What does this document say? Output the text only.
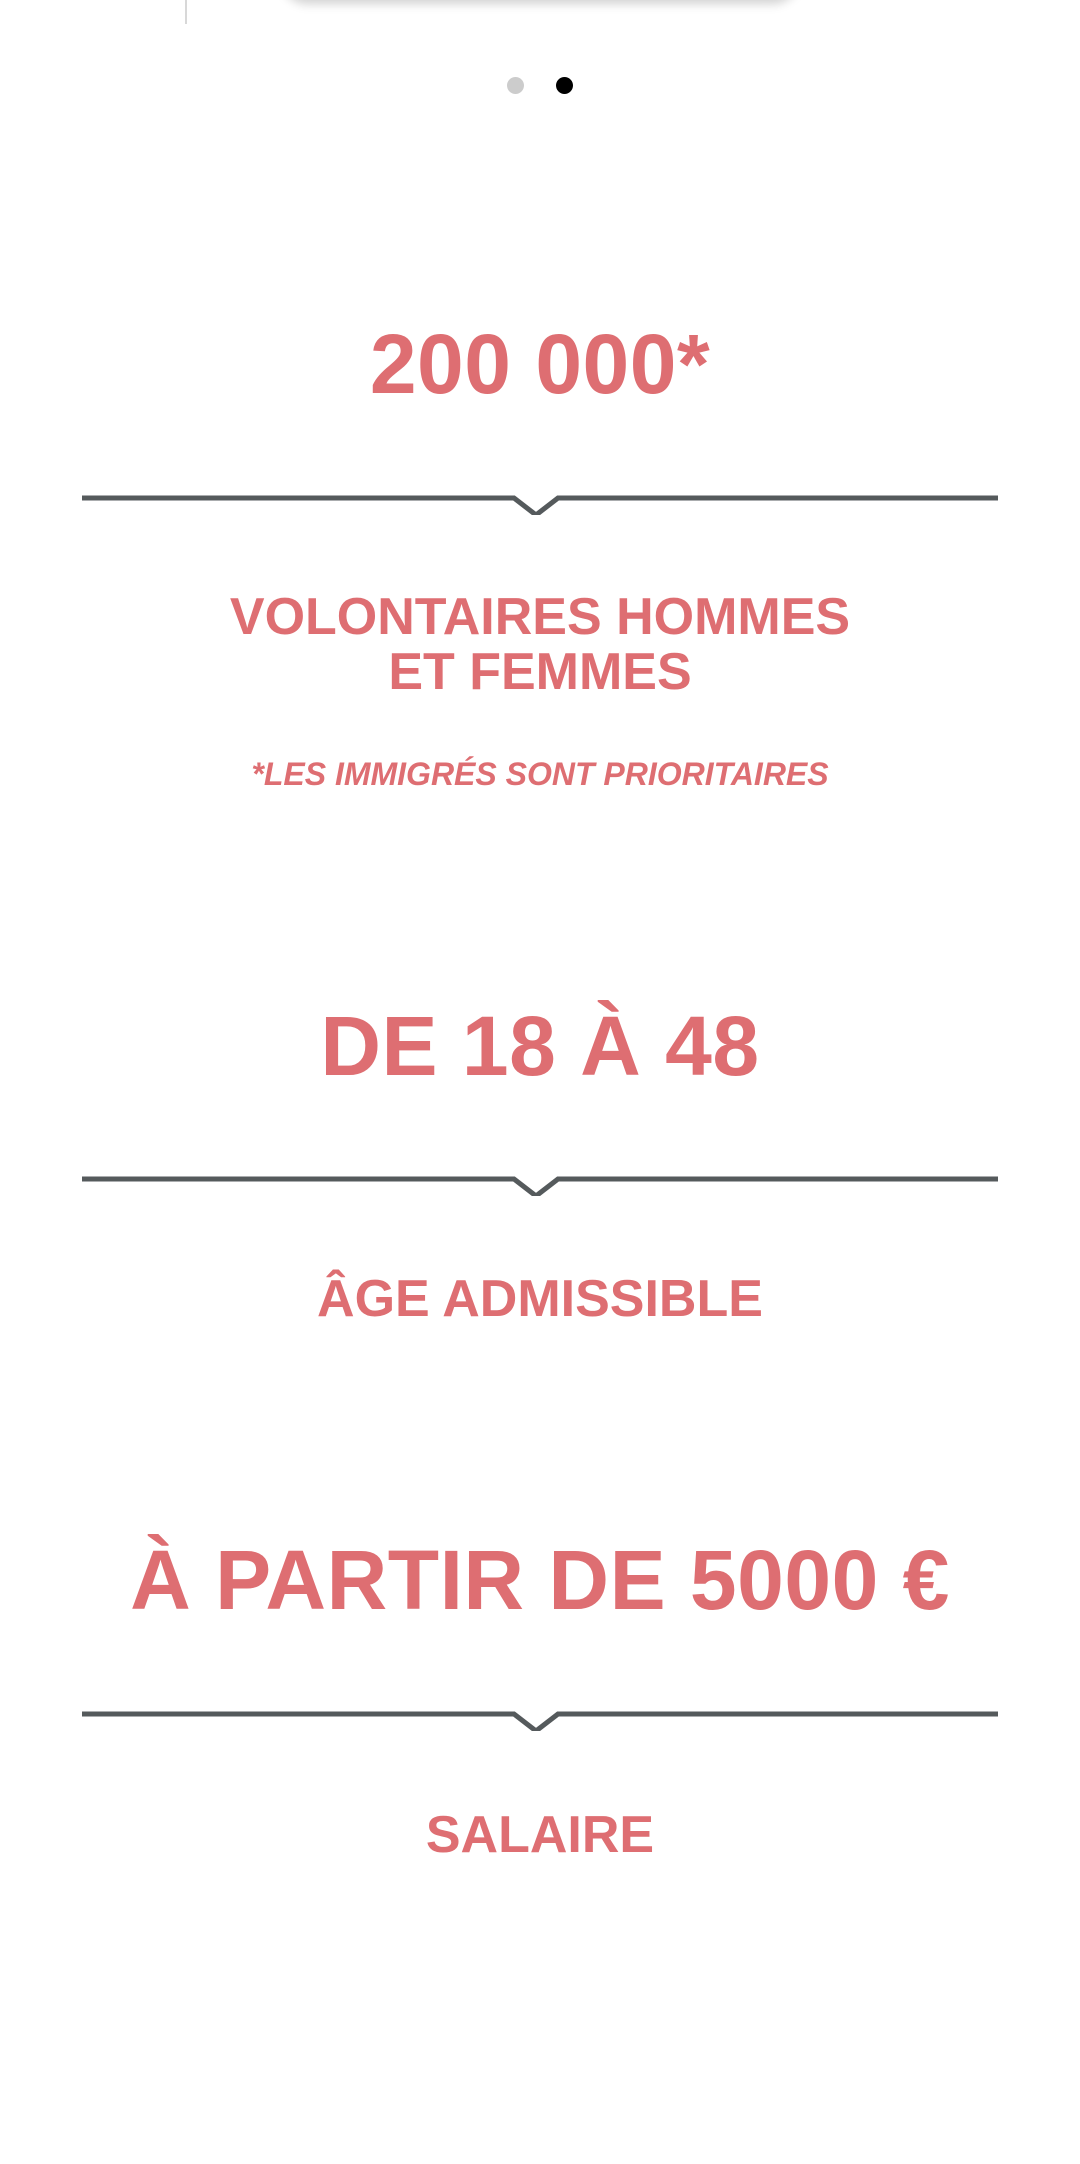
200 000*
VOLONTAIRES HOMMES
ET FEMMES
*LES IMMIGRÉS SONT PRIORITAIRES
DE 18 À 48
ÂGE ADMISSIBLE
À PARTIR DE 5000 €
SALAIRE
